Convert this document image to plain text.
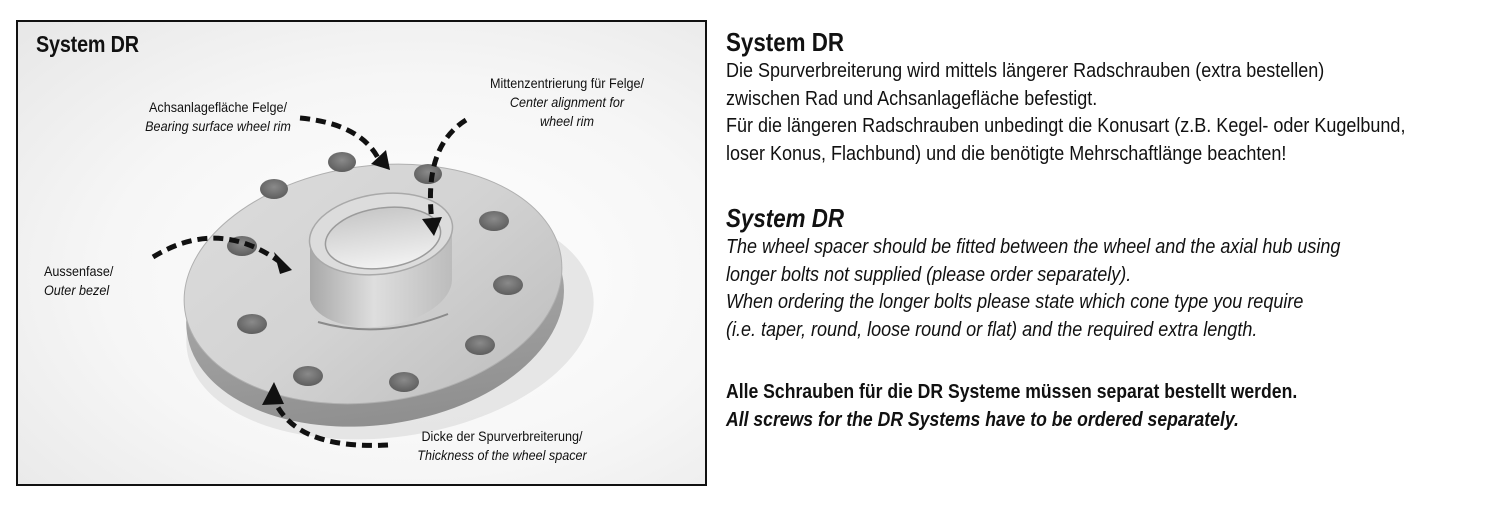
System DR
Achsanlagefläche Felge/
Bearing surface wheel rim
Mittenzentrierung für Felge/
Center alignment for
wheel rim
Aussenfase/
Outer bezel
Dicke der Spurverbreiterung/
Thickness of the wheel spacer
System DR
Die Spurverbreiterung wird mittels längerer Radschrauben (extra bestellen)
zwischen Rad und Achsanlagefläche befestigt.
Für die längeren Radschrauben unbedingt die Konusart (z.B. Kegel- oder Kugelbund,
loser Konus, Flachbund) und die benötigte Mehrschaftlänge beachten!
System DR
The wheel spacer should be fitted between the wheel and the axial hub using
longer bolts not supplied (please order separately).
When ordering the longer bolts please state which cone type you require
(i.e. taper, round, loose round or flat) and the required extra length.
Alle Schrauben für die DR Systeme müssen separat bestellt werden.
All screws for the DR Systems have to be ordered separately.
